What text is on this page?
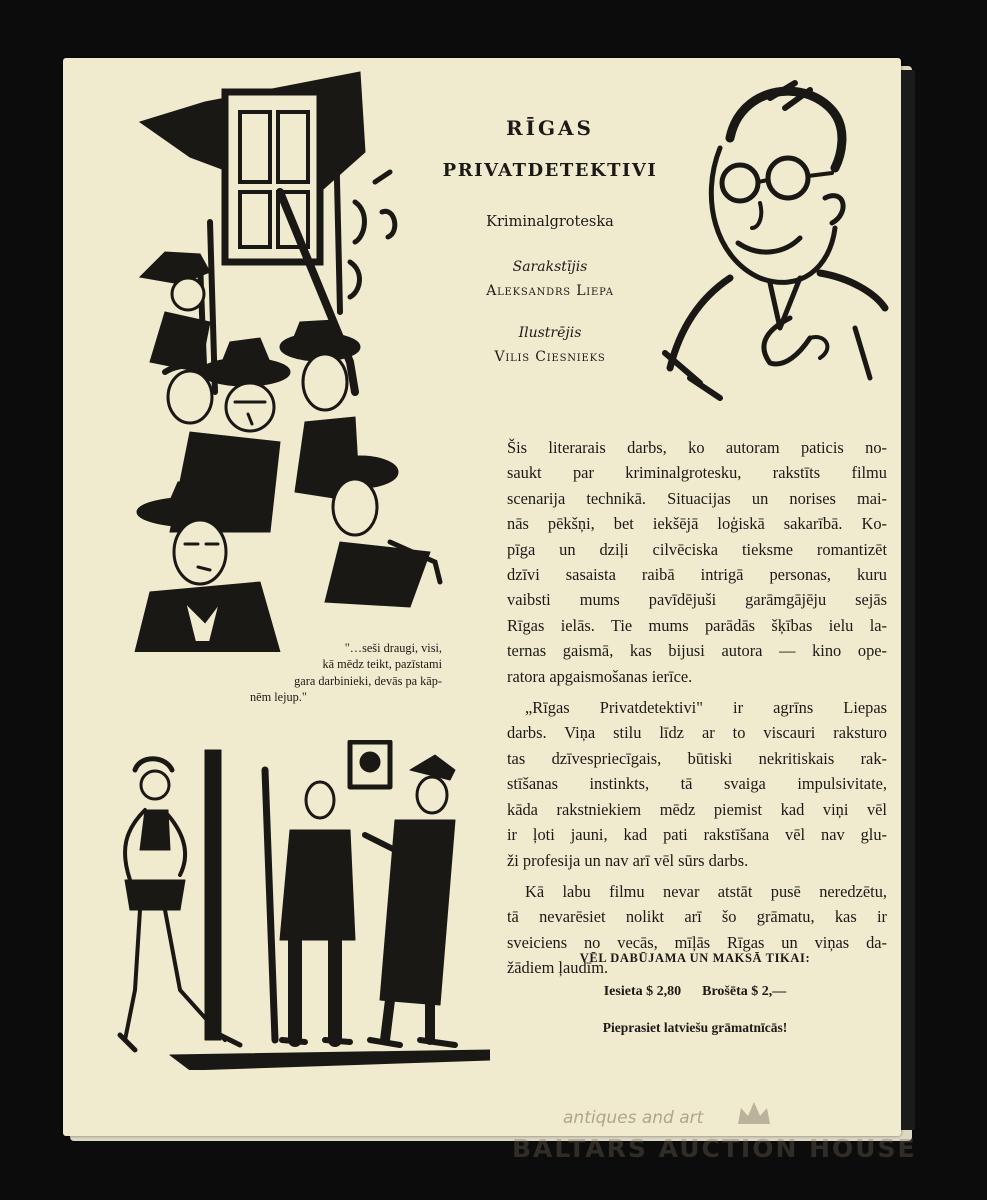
RĪGAS
PRIVATDETEKTIVI
Kriminalgroteska
Sarakstījis
Aleksandrs Liepa
Ilustrējis
Vilis Ciesnieks
Šis literarais darbs, ko autoram paticis no-
saukt par kriminalgrotesku, rakstīts filmu
scenarija technikā. Situacijas un norises mai-
nās pēkšņi, bet iekšējā loģiskā sakarībā. Ko-
pīga un dziļi cilvēciska tieksme romantizēt
dzīvi sasaista raibā intrigā personas, kuru
vaibsti mums pavīdējuši garāmgājēju sejās
Rīgas ielās. Tie mums parādās šķības ielu la-
ternas gaismā, kas bijusi autora — kino ope-
ratora apgaismošanas ierīce.
„Rīgas Privatdetektivi" ir agrīns Liepas
darbs. Viņa stilu līdz ar to viscauri raksturo
tas dzīvespriecīgais, būtiski nekritiskais rak-
stīšanas instinkts, tā svaiga impulsivitate,
kāda rakstniekiem mēdz piemist kad viņi vēl
ir ļoti jauni, kad pati rakstīšana vēl nav glu-
ži profesija un nav arī vēl sūrs darbs.
Kā labu filmu nevar atstāt pusē neredzētu,
tā nevarēsiet nolikt arī šo grāmatu, kas ir
sveiciens no vecās, mīļās Rīgas un viņas da-
žādiem ļaudīm.
"…seši draugi, visi,
kā mēdz teikt, pazīstami
gara darbinieki, devās pa kāp-
nēm lejup."
VĒL DABŪJAMA UN MAKSĀ TIKAI:
Iesieta $ 2,80 Brošēta $ 2,—
Pieprasiet latviešu grāmatnīcās!
antiques and art
BALTARS AUCTION HOUSE
